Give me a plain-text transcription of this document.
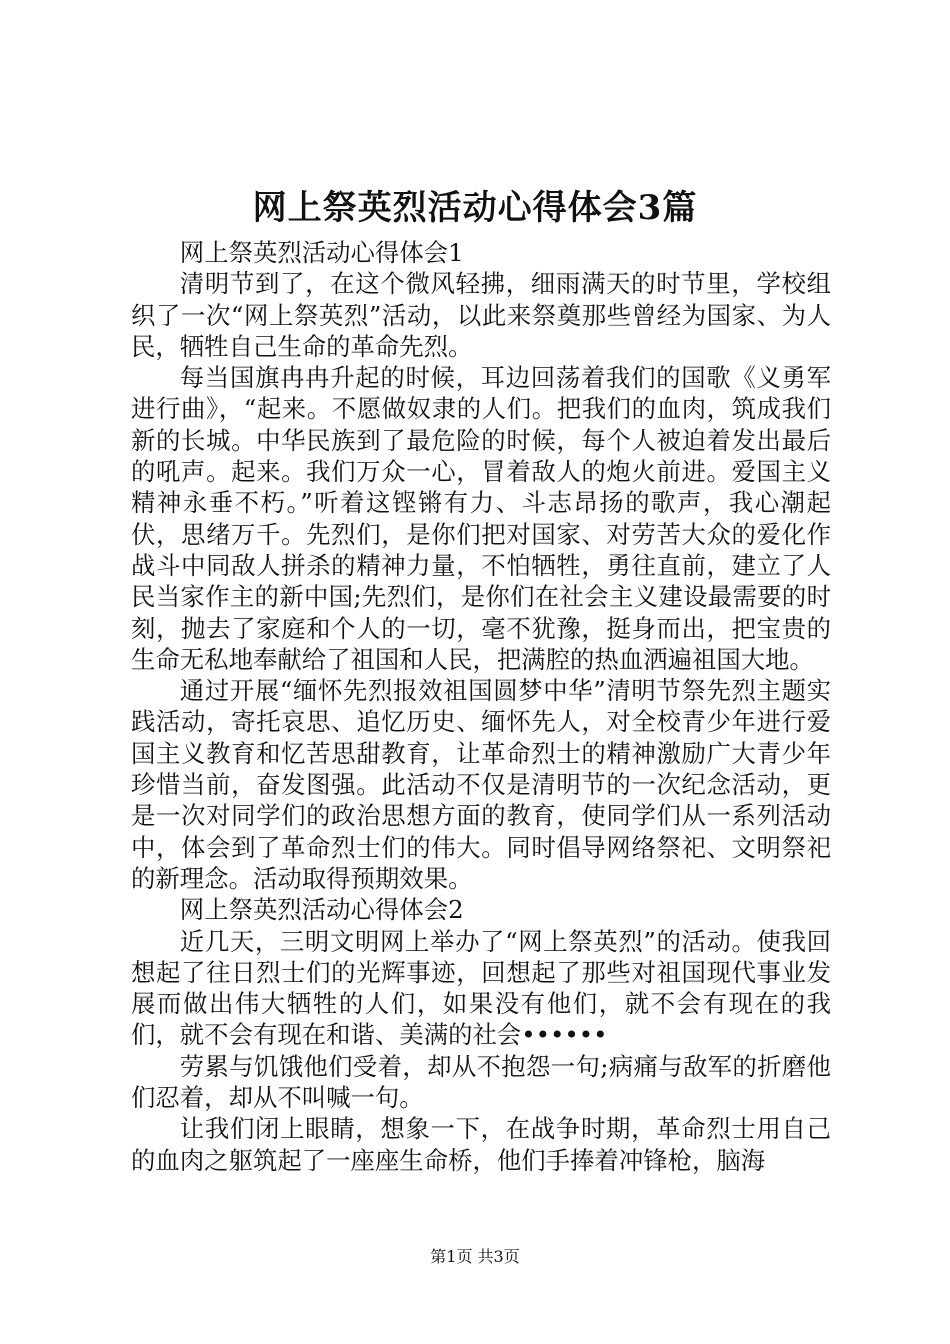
网上祭英烈活动心得体会3篇

网上祭英烈活动心得体会1

清明节到了，在这个微风轻拂，细雨满天的时节里，学校组织了一次“网上祭英烈”活动，以此来祭奠那些曾经为国家、为人民，牺牲自己生命的革命先烈。

每当国旗冉冉升起的时候，耳边回荡着我们的国歌《义勇军进行曲》，“起来。不愿做奴隶的人们。把我们的血肉，筑成我们新的长城。中华民族到了最危险的时候，每个人被迫着发出最后的吼声。起来。我们万众一心，冒着敌人的炮火前进。爱国主义精神永垂不朽。”听着这铿锵有力、斗志昂扬的歌声，我心潮起伏，思绪万千。先烈们，是你们把对国家、对劳苦大众的爱化作战斗中同敌人拼杀的精神力量，不怕牺牲，勇往直前，建立了人民当家作主的新中国;先烈们，是你们在社会主义建设最需要的时刻，抛去了家庭和个人的一切，毫不犹豫，挺身而出，把宝贵的生命无私地奉献给了祖国和人民，把满腔的热血洒遍祖国大地。

通过开展“缅怀先烈报效祖国圆梦中华”清明节祭先烈主题实践活动，寄托哀思、追忆历史、缅怀先人，对全校青少年进行爱国主义教育和忆苦思甜教育，让革命烈士的精神激励广大青少年珍惜当前，奋发图强。此活动不仅是清明节的一次纪念活动，更是一次对同学们的政治思想方面的教育，使同学们从一系列活动中，体会到了革命烈士们的伟大。同时倡导网络祭祀、文明祭祀的新理念。活动取得预期效果。

网上祭英烈活动心得体会2

近几天，三明文明网上举办了“网上祭英烈”的活动。使我回想起了往日烈士们的光辉事迹，回想起了那些对祖国现代事业发展而做出伟大牺牲的人们，如果没有他们，就不会有现在的我们，就不会有现在和谐、美满的社会••••••

劳累与饥饿他们受着，却从不抱怨一句;病痛与敌军的折磨他们忍着，却从不叫喊一句。

让我们闭上眼睛，想象一下，在战争时期，革命烈士用自己的血肉之躯筑起了一座座生命桥，他们手捧着冲锋枪，脑海

第1页 共3页
